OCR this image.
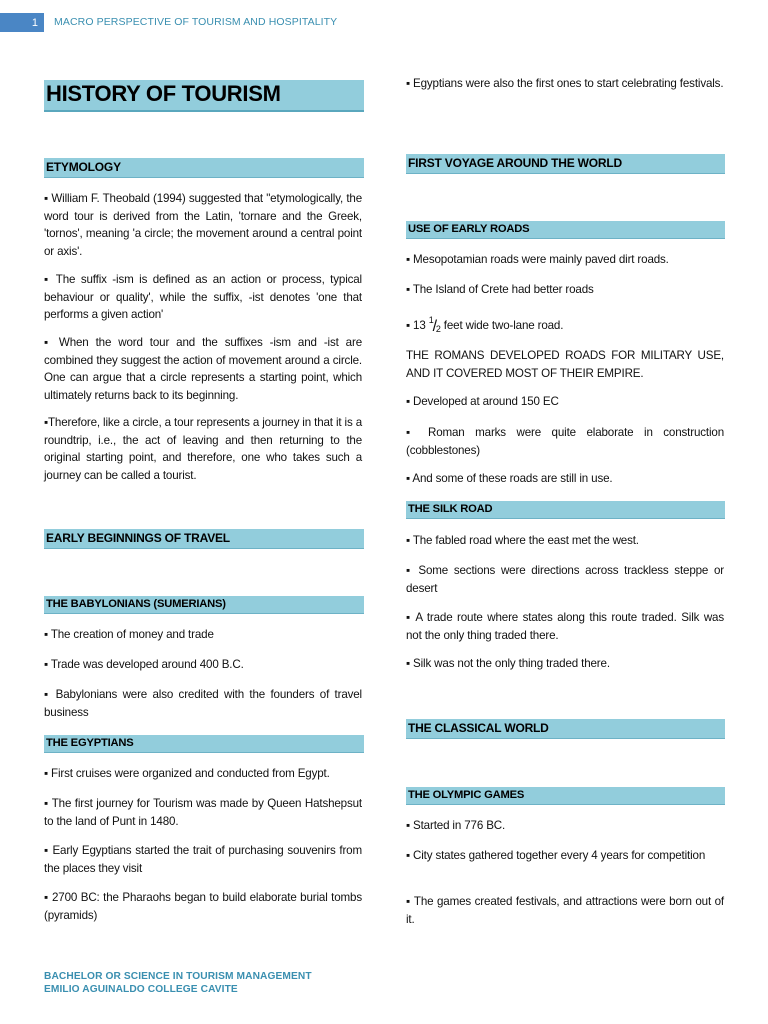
1	MACRO PERSPECTIVE OF TOURISM AND HOSPITALITY
HISTORY OF TOURISM
ETYMOLOGY
▪ William F. Theobald (1994) suggested that "etymologically, the word tour is derived from the Latin, 'tornare and the Greek, 'tornos', meaning 'a circle; the movement around a central point or axis'.
▪ The suffix -ism is defined as an action or process, typical behaviour or quality', while the suffix, -ist denotes 'one that performs a given action'
▪ When the word tour and the suffixes -ism and -ist are combined they suggest the action of movement around a circle. One can argue that a circle represents a starting point, which ultimately returns back to its beginning.
▪Therefore, like a circle, a tour represents a journey in that it is a roundtrip, i.e., the act of leaving and then returning to the original starting point, and therefore, one who takes such a journey can be called a tourist.
EARLY BEGINNINGS OF TRAVEL
THE BABYLONIANS (SUMERIANS)
▪ The creation of money and trade
▪ Trade was developed around 400 B.C.
▪ Babylonians were also credited with the founders of travel business
THE EGYPTIANS
▪ First cruises were organized and conducted from Egypt.
▪ The first journey for Tourism was made by Queen Hatshepsut to the land of Punt in 1480.
▪ Early Egyptians started the trait of purchasing souvenirs from the places they visit
▪ 2700 BC: the Pharaohs began to build elaborate burial tombs (pyramids)
▪ Egyptians were also the first ones to start celebrating festivals.
FIRST VOYAGE AROUND THE WORLD
USE OF EARLY ROADS
▪ Mesopotamian roads were mainly paved dirt roads.
▪ The Island of Crete had better roads
▪ 13 $^1/_2$ feet wide two-lane road.
THE ROMANS DEVELOPED ROADS FOR MILITARY USE, AND IT COVERED MOST OF THEIR EMPIRE.
▪ Developed at around 150 EC
▪ Roman marks were quite elaborate in construction (cobblestones)
▪ And some of these roads are still in use.
THE SILK ROAD
▪ The fabled road where the east met the west.
▪ Some sections were directions across trackless steppe or desert
▪ A trade route where states along this route traded. Silk was not the only thing traded there.
▪ Silk was not the only thing traded there.
THE CLASSICAL WORLD
THE OLYMPIC GAMES
▪ Started in 776 BC.
▪ City states gathered together every 4 years for competition
▪ The games created festivals, and attractions were born out of it.
BACHELOR OR SCIENCE IN TOURISM MANAGEMENT
EMILIO AGUINALDO COLLEGE CAVITE
